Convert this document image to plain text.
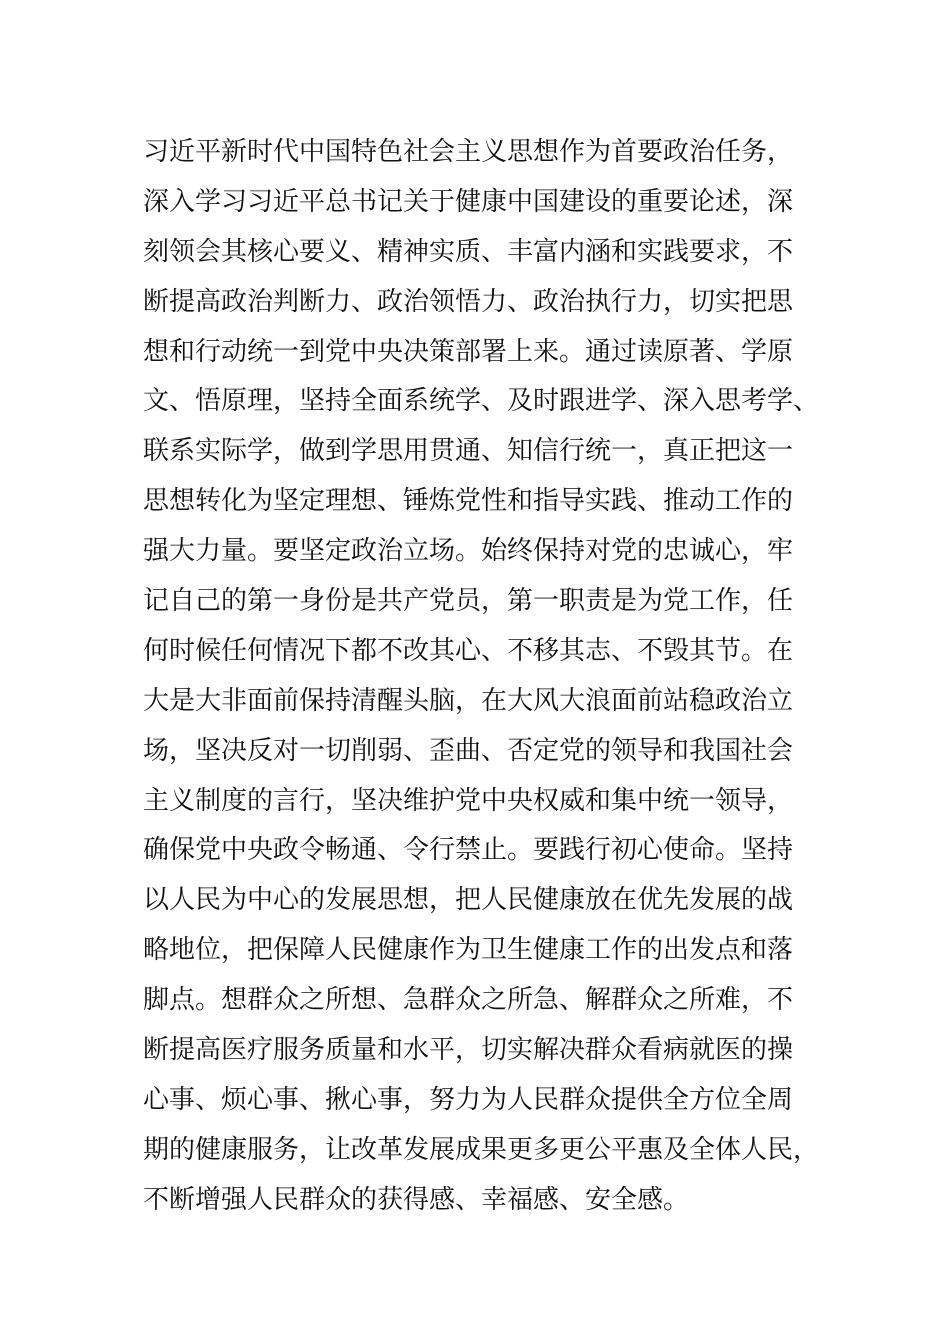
习近平新时代中国特色社会主义思想作为首要政治任务，
深入学习习近平总书记关于健康中国建设的重要论述，深
刻领会其核心要义、精神实质、丰富内涵和实践要求，不
断提高政治判断力、政治领悟力、政治执行力，切实把思
想和行动统一到党中央决策部署上来。通过读原著、学原
文、悟原理，坚持全面系统学、及时跟进学、深入思考学、
联系实际学，做到学思用贯通、知信行统一，真正把这一
思想转化为坚定理想、锤炼党性和指导实践、推动工作的
强大力量。要坚定政治立场。始终保持对党的忠诚心，牢
记自己的第一身份是共产党员，第一职责是为党工作，任
何时候任何情况下都不改其心、不移其志、不毁其节。在
大是大非面前保持清醒头脑，在大风大浪面前站稳政治立
场，坚决反对一切削弱、歪曲、否定党的领导和我国社会
主义制度的言行，坚决维护党中央权威和集中统一领导，
确保党中央政令畅通、令行禁止。要践行初心使命。坚持
以人民为中心的发展思想，把人民健康放在优先发展的战
略地位，把保障人民健康作为卫生健康工作的出发点和落
脚点。想群众之所想、急群众之所急、解群众之所难，不
断提高医疗服务质量和水平，切实解决群众看病就医的操
心事、烦心事、揪心事，努力为人民群众提供全方位全周
期的健康服务，让改革发展成果更多更公平惠及全体人民，
不断增强人民群众的获得感、幸福感、安全感。
